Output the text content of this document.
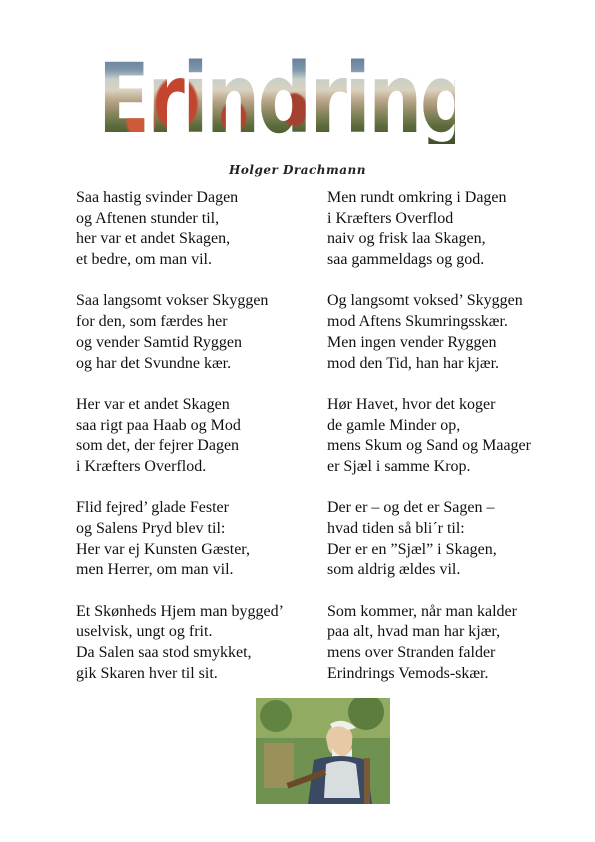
Erindring
Holger Drachmann
Saa hastig svinder Dagen
og Aftenen stunder til,
her var et andet Skagen,
et bedre, om man vil.
Saa langsomt vokser Skyggen
for den, som færdes her
og vender Samtid Ryggen
og har det Svundne kær.
Her var et andet Skagen
saa rigt paa Haab og Mod
som det, der fejrer Dagen
i Kræfters Overflod.
Flid fejred’ glade Fester
og Salens Pryd blev til:
Her var ej Kunsten Gæster,
men Herrer, om man vil.
Et Skønheds Hjem man bygged’
uselvisk, ungt og frit.
Da Salen saa stod smykket,
gik Skaren hver til sit.
Men rundt omkring i Dagen
i Kræfters Overflod
naiv og frisk laa Skagen,
saa gammeldags og god.
Og langsomt voksed’ Skyggen
mod Aftens Skumringsskær.
Men ingen vender Ryggen
mod den Tid, han har kjær.
Hør Havet, hvor det koger
de gamle Minder op,
mens Skum og Sand og Maager
er Sjæl i samme Krop.
Der er – og det er Sagen –
hvad tiden så bli´r til:
Der er en ”Sjæl” i Skagen,
som aldrig ældes vil.
Som kommer, når man kalder
paa alt, hvad man har kjær,
mens over Stranden falder
Erindrings Vemods-skær.
